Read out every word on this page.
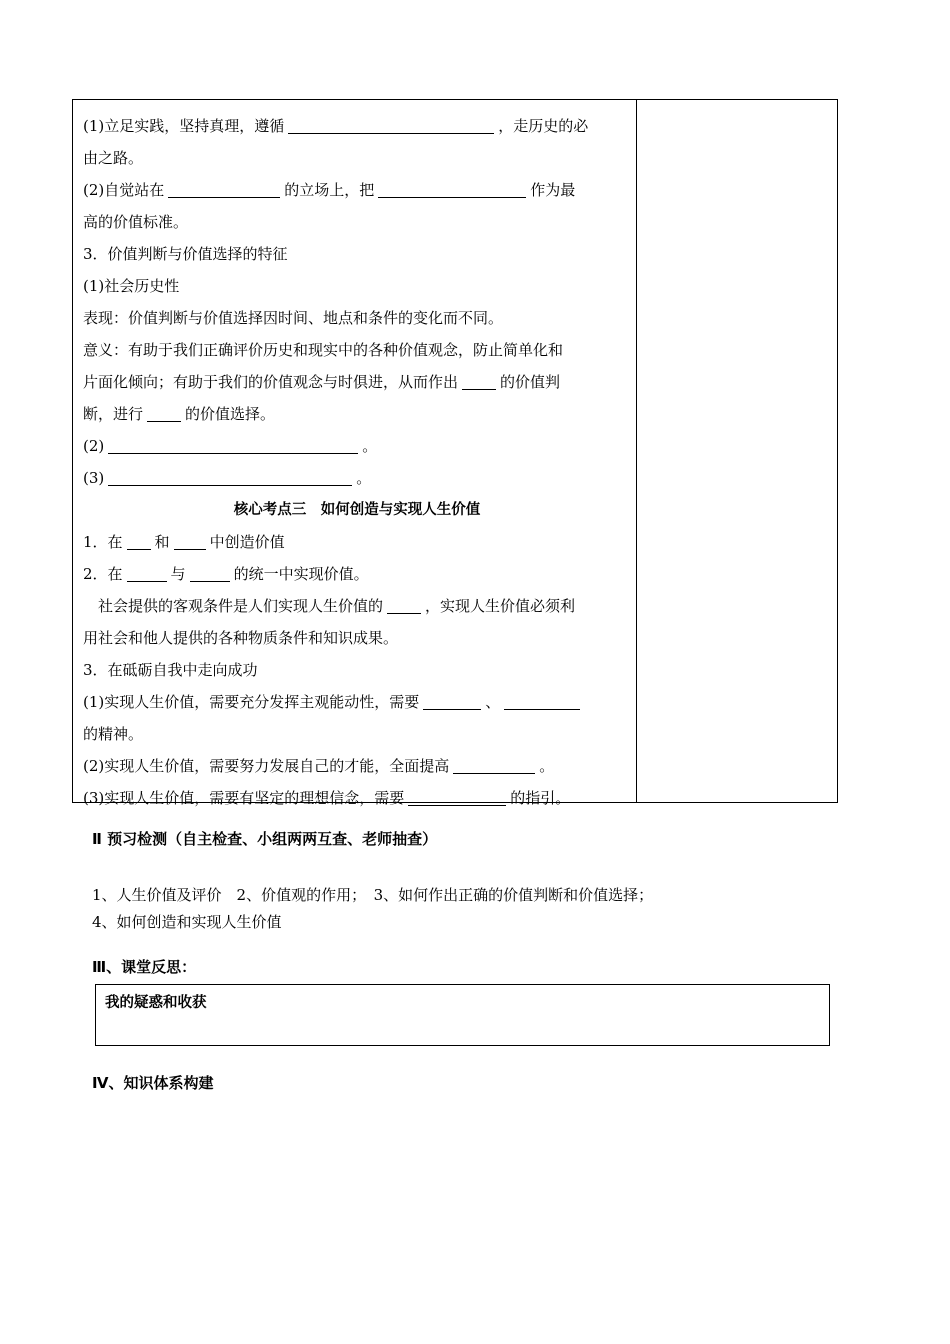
(1)立足实践，坚持真理，遵循	，走历史的必
由之路。
(2)自觉站在	的立场上，把	作为最
高的价值标准。
3．价值判断与价值选择的特征
(1)社会历史性
表现：价值判断与价值选择因时间、地点和条件的变化而不同。
意义：有助于我们正确评价历史和现实中的各种价值观念，防止简单化和
片面化倾向；有助于我们的价值观念与时俱进，从而作出	的价值判
断，进行	的价值选择。
(2)	。
(3)	。
核心考点三　如何创造与实现人生价值
1．在 和	中创造价值
2．在	与	的统一中实现价值。
　社会提供的客观条件是人们实现人生价值的	，实现人生价值必须利
用社会和他人提供的各种物质条件和知识成果。
3．在砥砺自我中走向成功
(1)实现人生价值，需要充分发挥主观能动性，需要	、
的精神。
(2)实现人生价值，需要努力发展自己的才能，全面提高	。
(3)实现人生价值，需要有坚定的理想信念，需要	的指引。
Ⅱ 预习检测（自主检查、小组两两互查、老师抽查）
1、人生价值及评价　2、价值观的作用；　3、如何作出正确的价值判断和价值选择；
4、如何创造和实现人生价值
Ⅲ、课堂反思：
我的疑惑和收获
Ⅳ、知识体系构建
